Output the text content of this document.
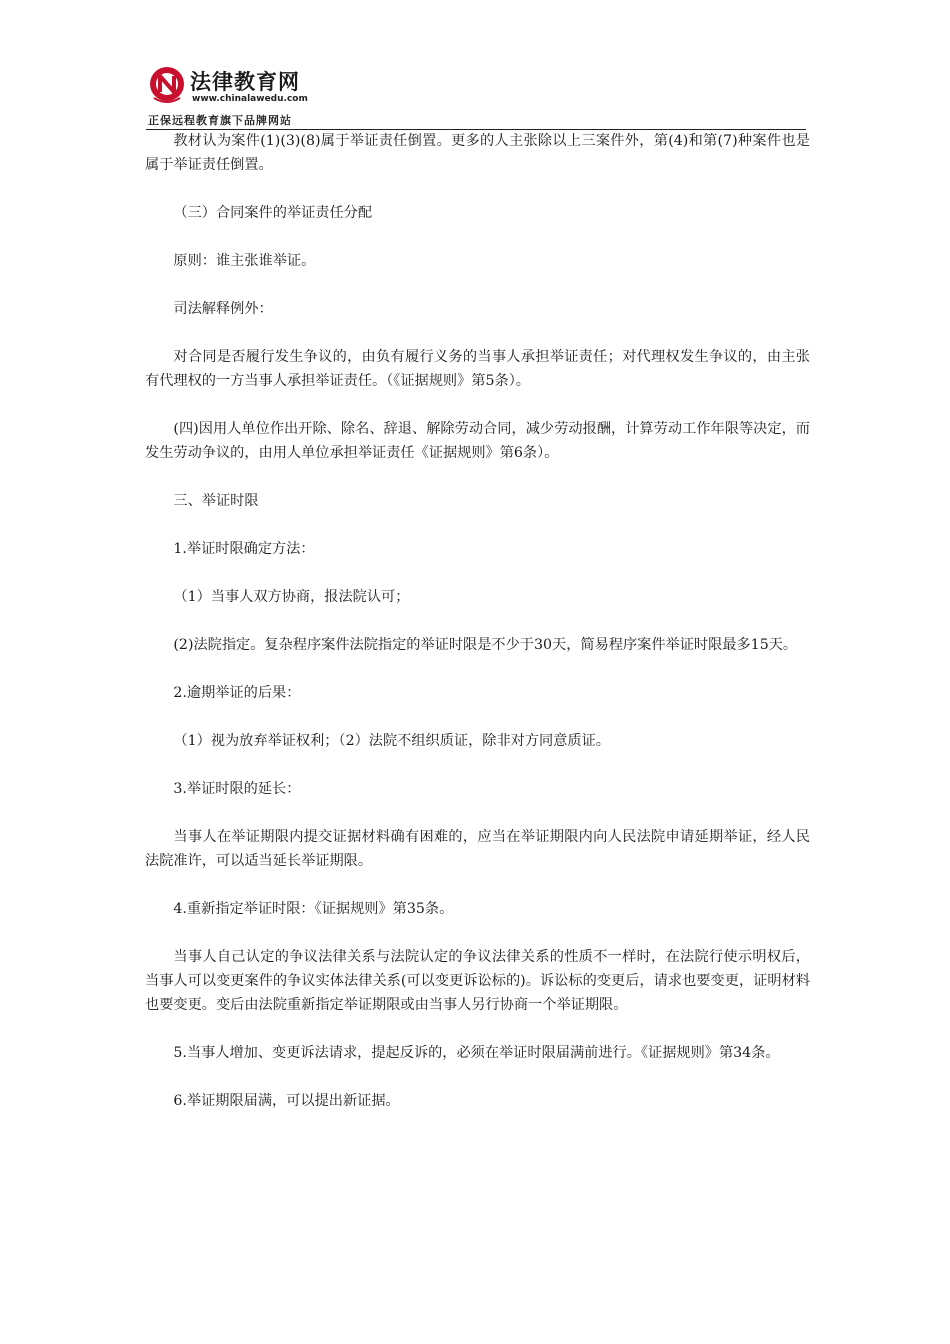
法律教育网
www.chinalawedu.com
正保远程教育旗下品牌网站

教材认为案件(1)(3)(8)属于举证责任倒置。更多的人主张除以上三案件外，第(4)和第(7)种案件也是属于举证责任倒置。

（三）合同案件的举证责任分配

原则：谁主张谁举证。

司法解释例外：

对合同是否履行发生争议的，由负有履行义务的当事人承担举证责任；对代理权发生争议的，由主张有代理权的一方当事人承担举证责任。（《证据规则》第5条）。

(四)因用人单位作出开除、除名、辞退、解除劳动合同，减少劳动报酬，计算劳动工作年限等决定，而发生劳动争议的，由用人单位承担举证责任《证据规则》第6条）。

三、举证时限

1.举证时限确定方法：

（1）当事人双方协商，报法院认可；

(2)法院指定。复杂程序案件法院指定的举证时限是不少于30天，简易程序案件举证时限最多15天。

2.逾期举证的后果：

（1）视为放弃举证权利；（2）法院不组织质证，除非对方同意质证。

3.举证时限的延长：

当事人在举证期限内提交证据材料确有困难的，应当在举证期限内向人民法院申请延期举证，经人民法院准许，可以适当延长举证期限。

4.重新指定举证时限：《证据规则》第35条。

当事人自己认定的争议法律关系与法院认定的争议法律关系的性质不一样时，在法院行使示明权后，当事人可以变更案件的争议实体法律关系(可以变更诉讼标的)。诉讼标的变更后，请求也要变更，证明材料也要变更。变后由法院重新指定举证期限或由当事人另行协商一个举证期限。

5.当事人增加、变更诉法请求，提起反诉的，必须在举证时限届满前进行。《证据规则》第34条。

6.举证期限届满，可以提出新证据。
